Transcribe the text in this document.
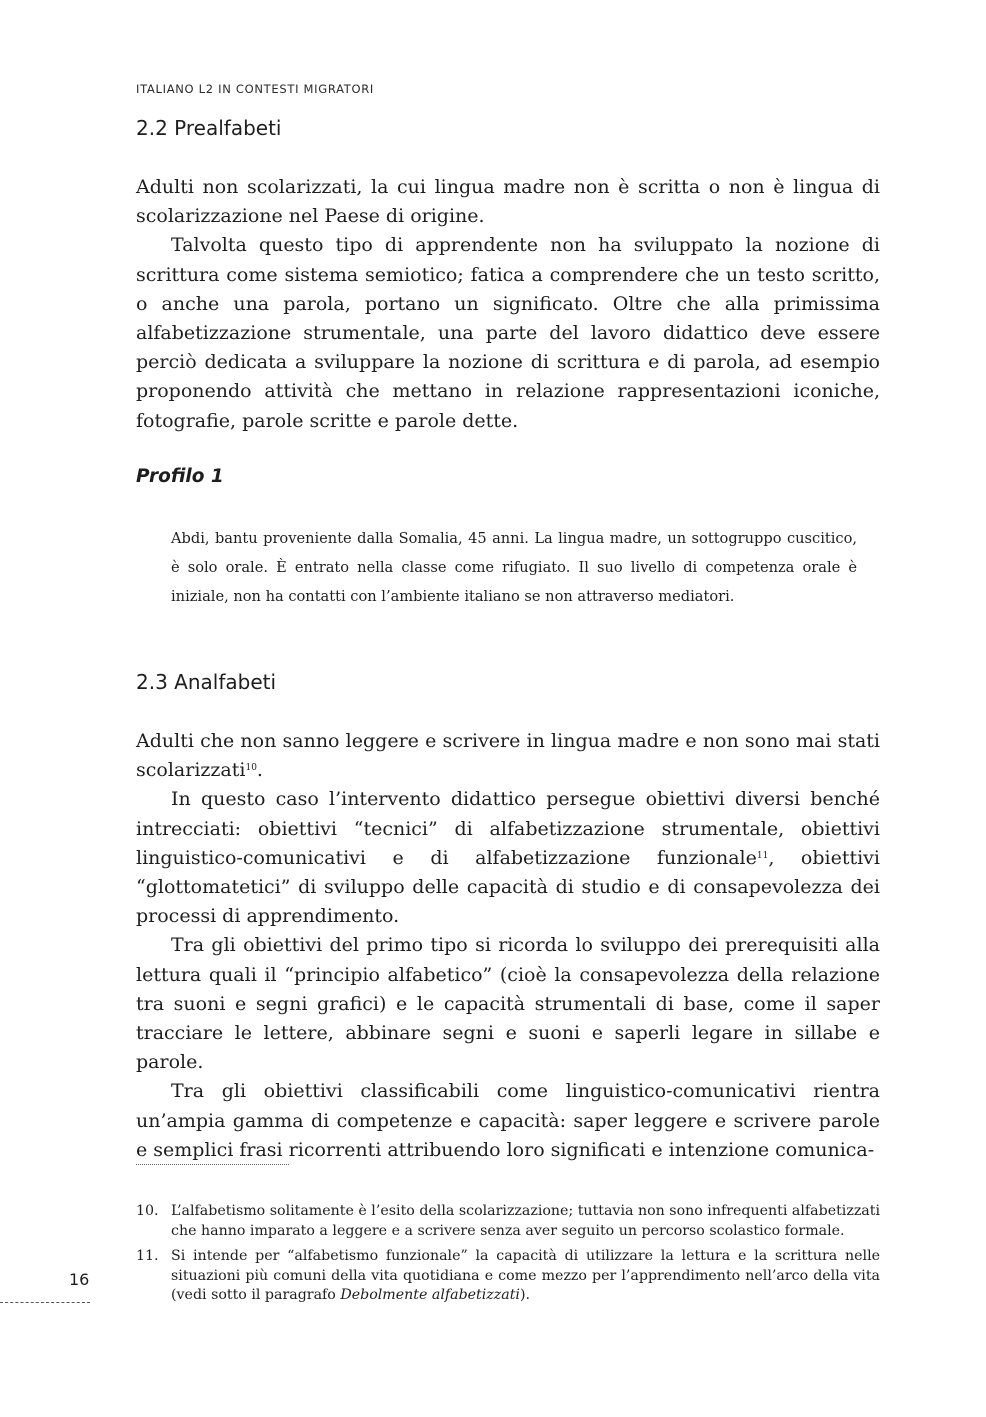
ITALIANO L2 IN CONTESTI MIGRATORI
2.2 Prealfabeti

Adulti non scolarizzati, la cui lingua madre non è scritta o non è lingua di scolarizzazione nel Paese di origine.

Talvolta questo tipo di apprendente non ha sviluppato la nozione di scrittura come sistema semiotico; fatica a comprendere che un testo scritto, o anche una parola, portano un significato. Oltre che alla primissima alfabetizzazione strumentale, una parte del lavoro didattico deve essere perciò dedicata a sviluppare la nozione di scrittura e di parola, ad esempio proponendo attività che mettano in relazione rappresentazioni iconiche, fotografie, parole scritte e parole dette.

Profilo 1

Abdi, bantu proveniente dalla Somalia, 45 anni. La lingua madre, un sottogruppo cuscitico, è solo orale. È entrato nella classe come rifugiato. Il suo livello di competenza orale è iniziale, non ha contatti con l’ambiente italiano se non attraverso mediatori.

2.3 Analfabeti

Adulti che non sanno leggere e scrivere in lingua madre e non sono mai stati scolarizzati$^{10}$.

In questo caso l’intervento didattico persegue obiettivi diversi benché intrecciati: obiettivi “tecnici” di alfabetizzazione strumentale, obiettivi linguistico-comunicativi e di alfabetizzazione funzionale$^{11}$, obiettivi “glottomatetici” di sviluppo delle capacità di studio e di consapevolezza dei processi di apprendimento.

Tra gli obiettivi del primo tipo si ricorda lo sviluppo dei prerequisiti alla lettura quali il “principio alfabetico” (cioè la consapevolezza della relazione tra suoni e segni grafici) e le capacità strumentali di base, come il saper tracciare le lettere, abbinare segni e suoni e saperli legare in sillabe e parole.

Tra gli obiettivi classificabili come linguistico-comunicativi rientra un’ampia gamma di competenze e capacità: saper leggere e scrivere parole e semplici frasi ricorrenti attribuendo loro significati e intenzione comunica-

10. L’alfabetismo solitamente è l’esito della scolarizzazione; tuttavia non sono infrequenti alfabetizzati che hanno imparato a leggere e a scrivere senza aver seguito un percorso scolastico formale.
11. Si intende per “alfabetismo funzionale” la capacità di utilizzare la lettura e la scrittura nelle situazioni più comuni della vita quotidiana e come mezzo per l’apprendimento nell’arco della vita (vedi sotto il paragrafo Debolmente alfabetizzati).
16
